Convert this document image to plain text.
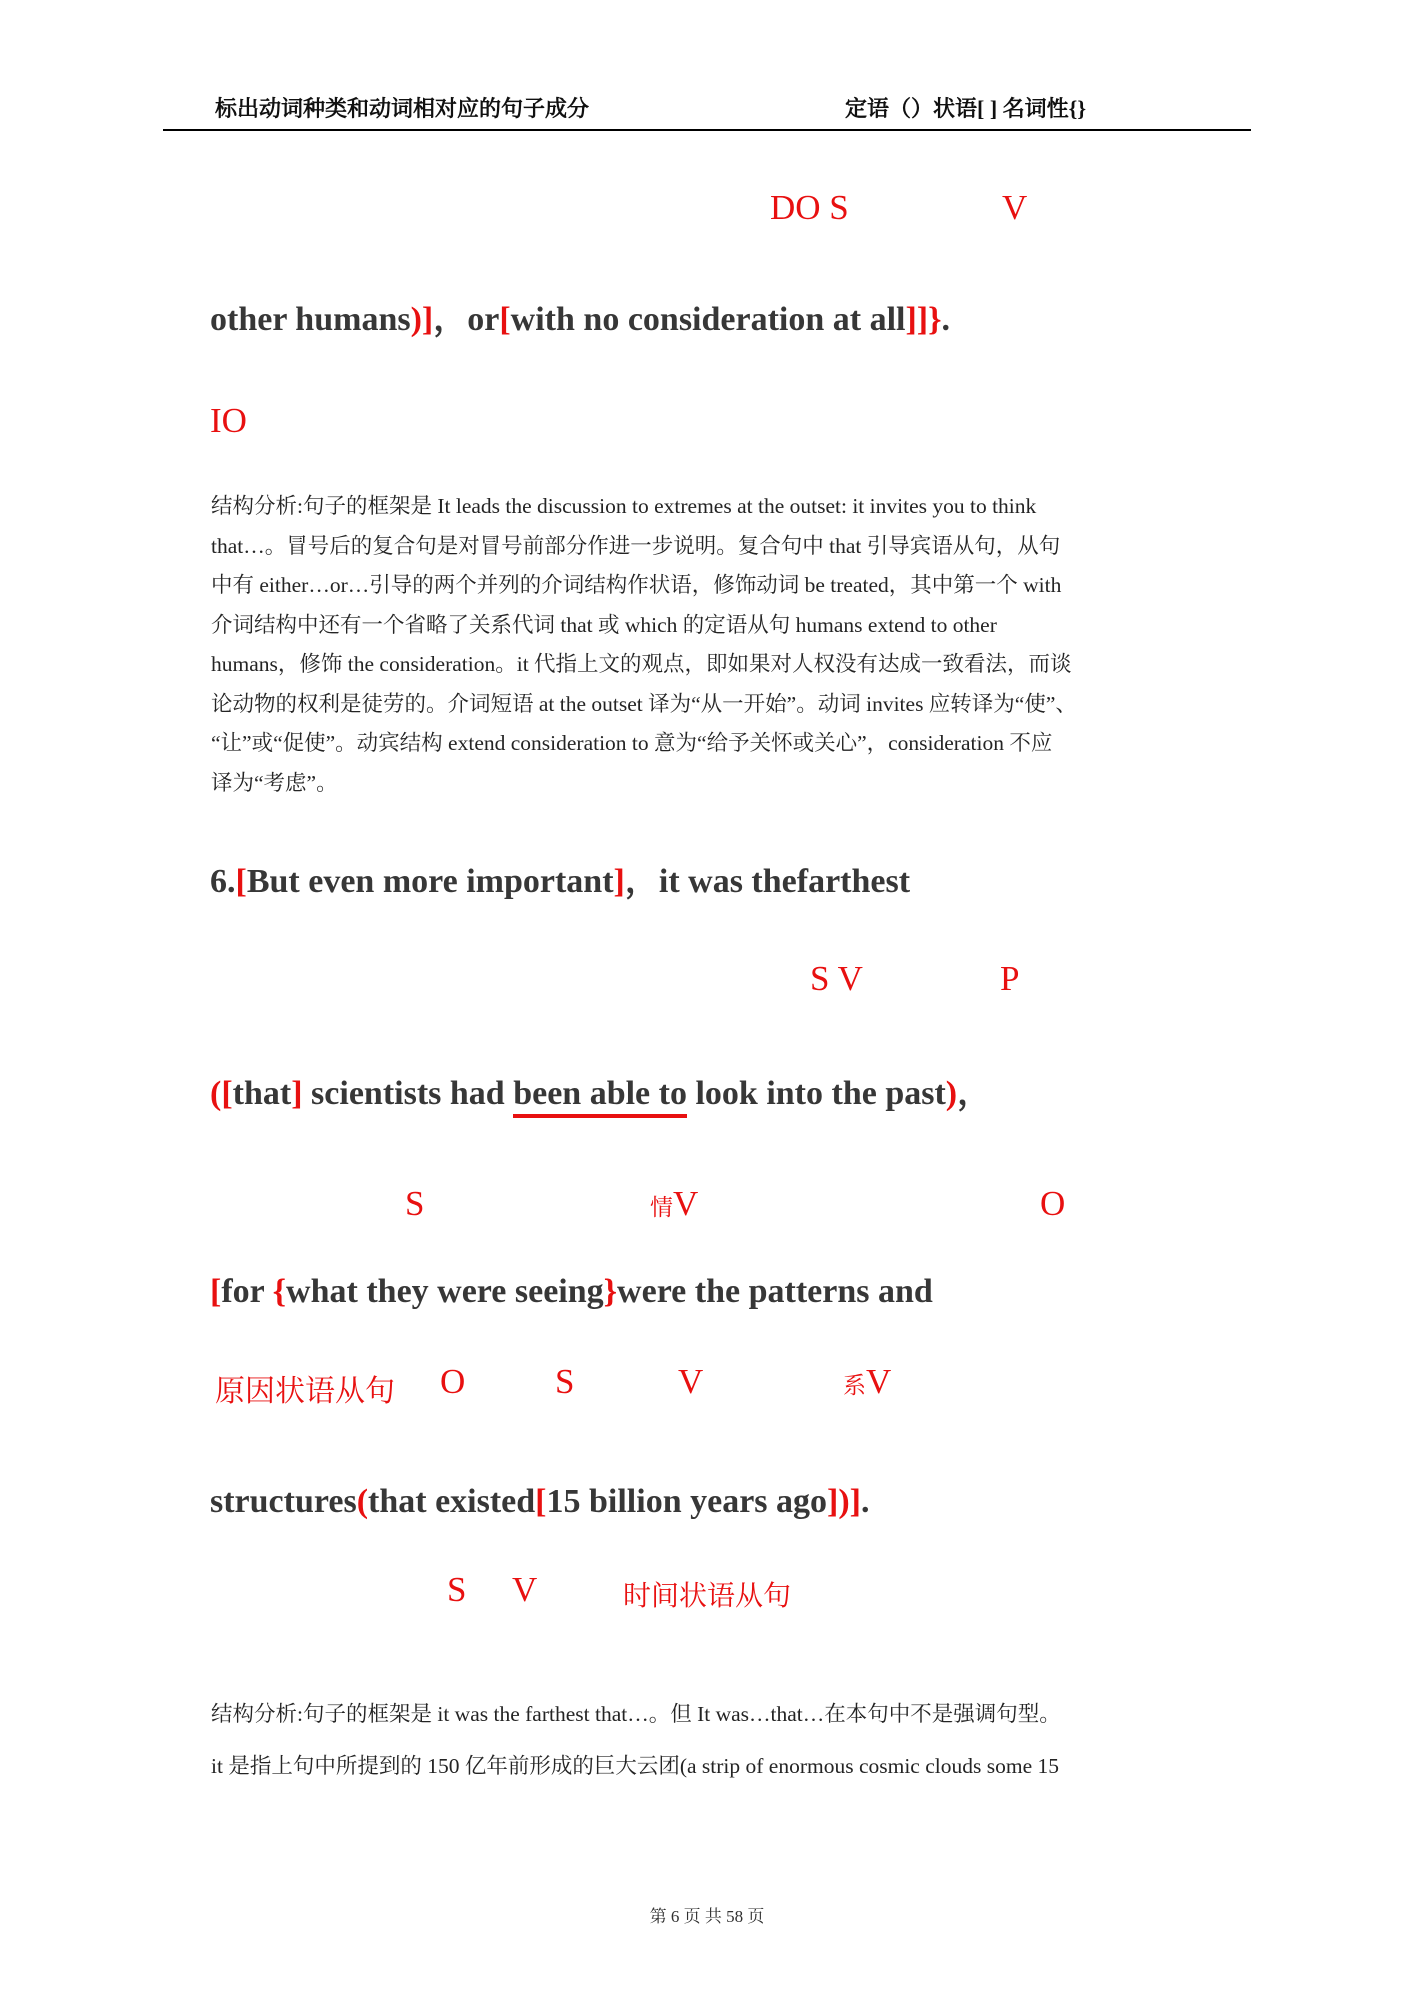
标出动词种类和动词相对应的句子成分	定语（）状语[ ] 名词性{}
DO S	V
other humans)]，or[with no consideration at all]]}.
IO
结构分析:句子的框架是 It leads the discussion to extremes at the outset: it invites you to think
that…。冒号后的复合句是对冒号前部分作进一步说明。复合句中 that 引导宾语从句，从句
中有 either…or…引导的两个并列的介词结构作状语，修饰动词 be treated，其中第一个 with
介词结构中还有一个省略了关系代词 that 或 which 的定语从句 humans extend to other
humans，修饰 the consideration。it 代指上文的观点，即如果对人权没有达成一致看法，而谈
论动物的权利是徒劳的。介词短语 at the outset 译为“从一开始”。动词 invites 应转译为“使”、
“让”或“促使”。动宾结构 extend consideration to 意为“给予关怀或关心”，consideration 不应
译为“考虑”。
6.[But even more important]，it was thefarthest
S V	P
([that] scientists had been able to look into the past)，
S	情V	O
[for {what they were seeing}were the patterns and
原因状语从句 O	S	V	系V
structures(that existed[15 billion years ago])].
S V	时间状语从句
结构分析:句子的框架是 it was the farthest that…。但 It was…that…在本句中不是强调句型。
it 是指上句中所提到的 150 亿年前形成的巨大云团(a strip of enormous cosmic clouds some 15
第 6 页 共 58 页
